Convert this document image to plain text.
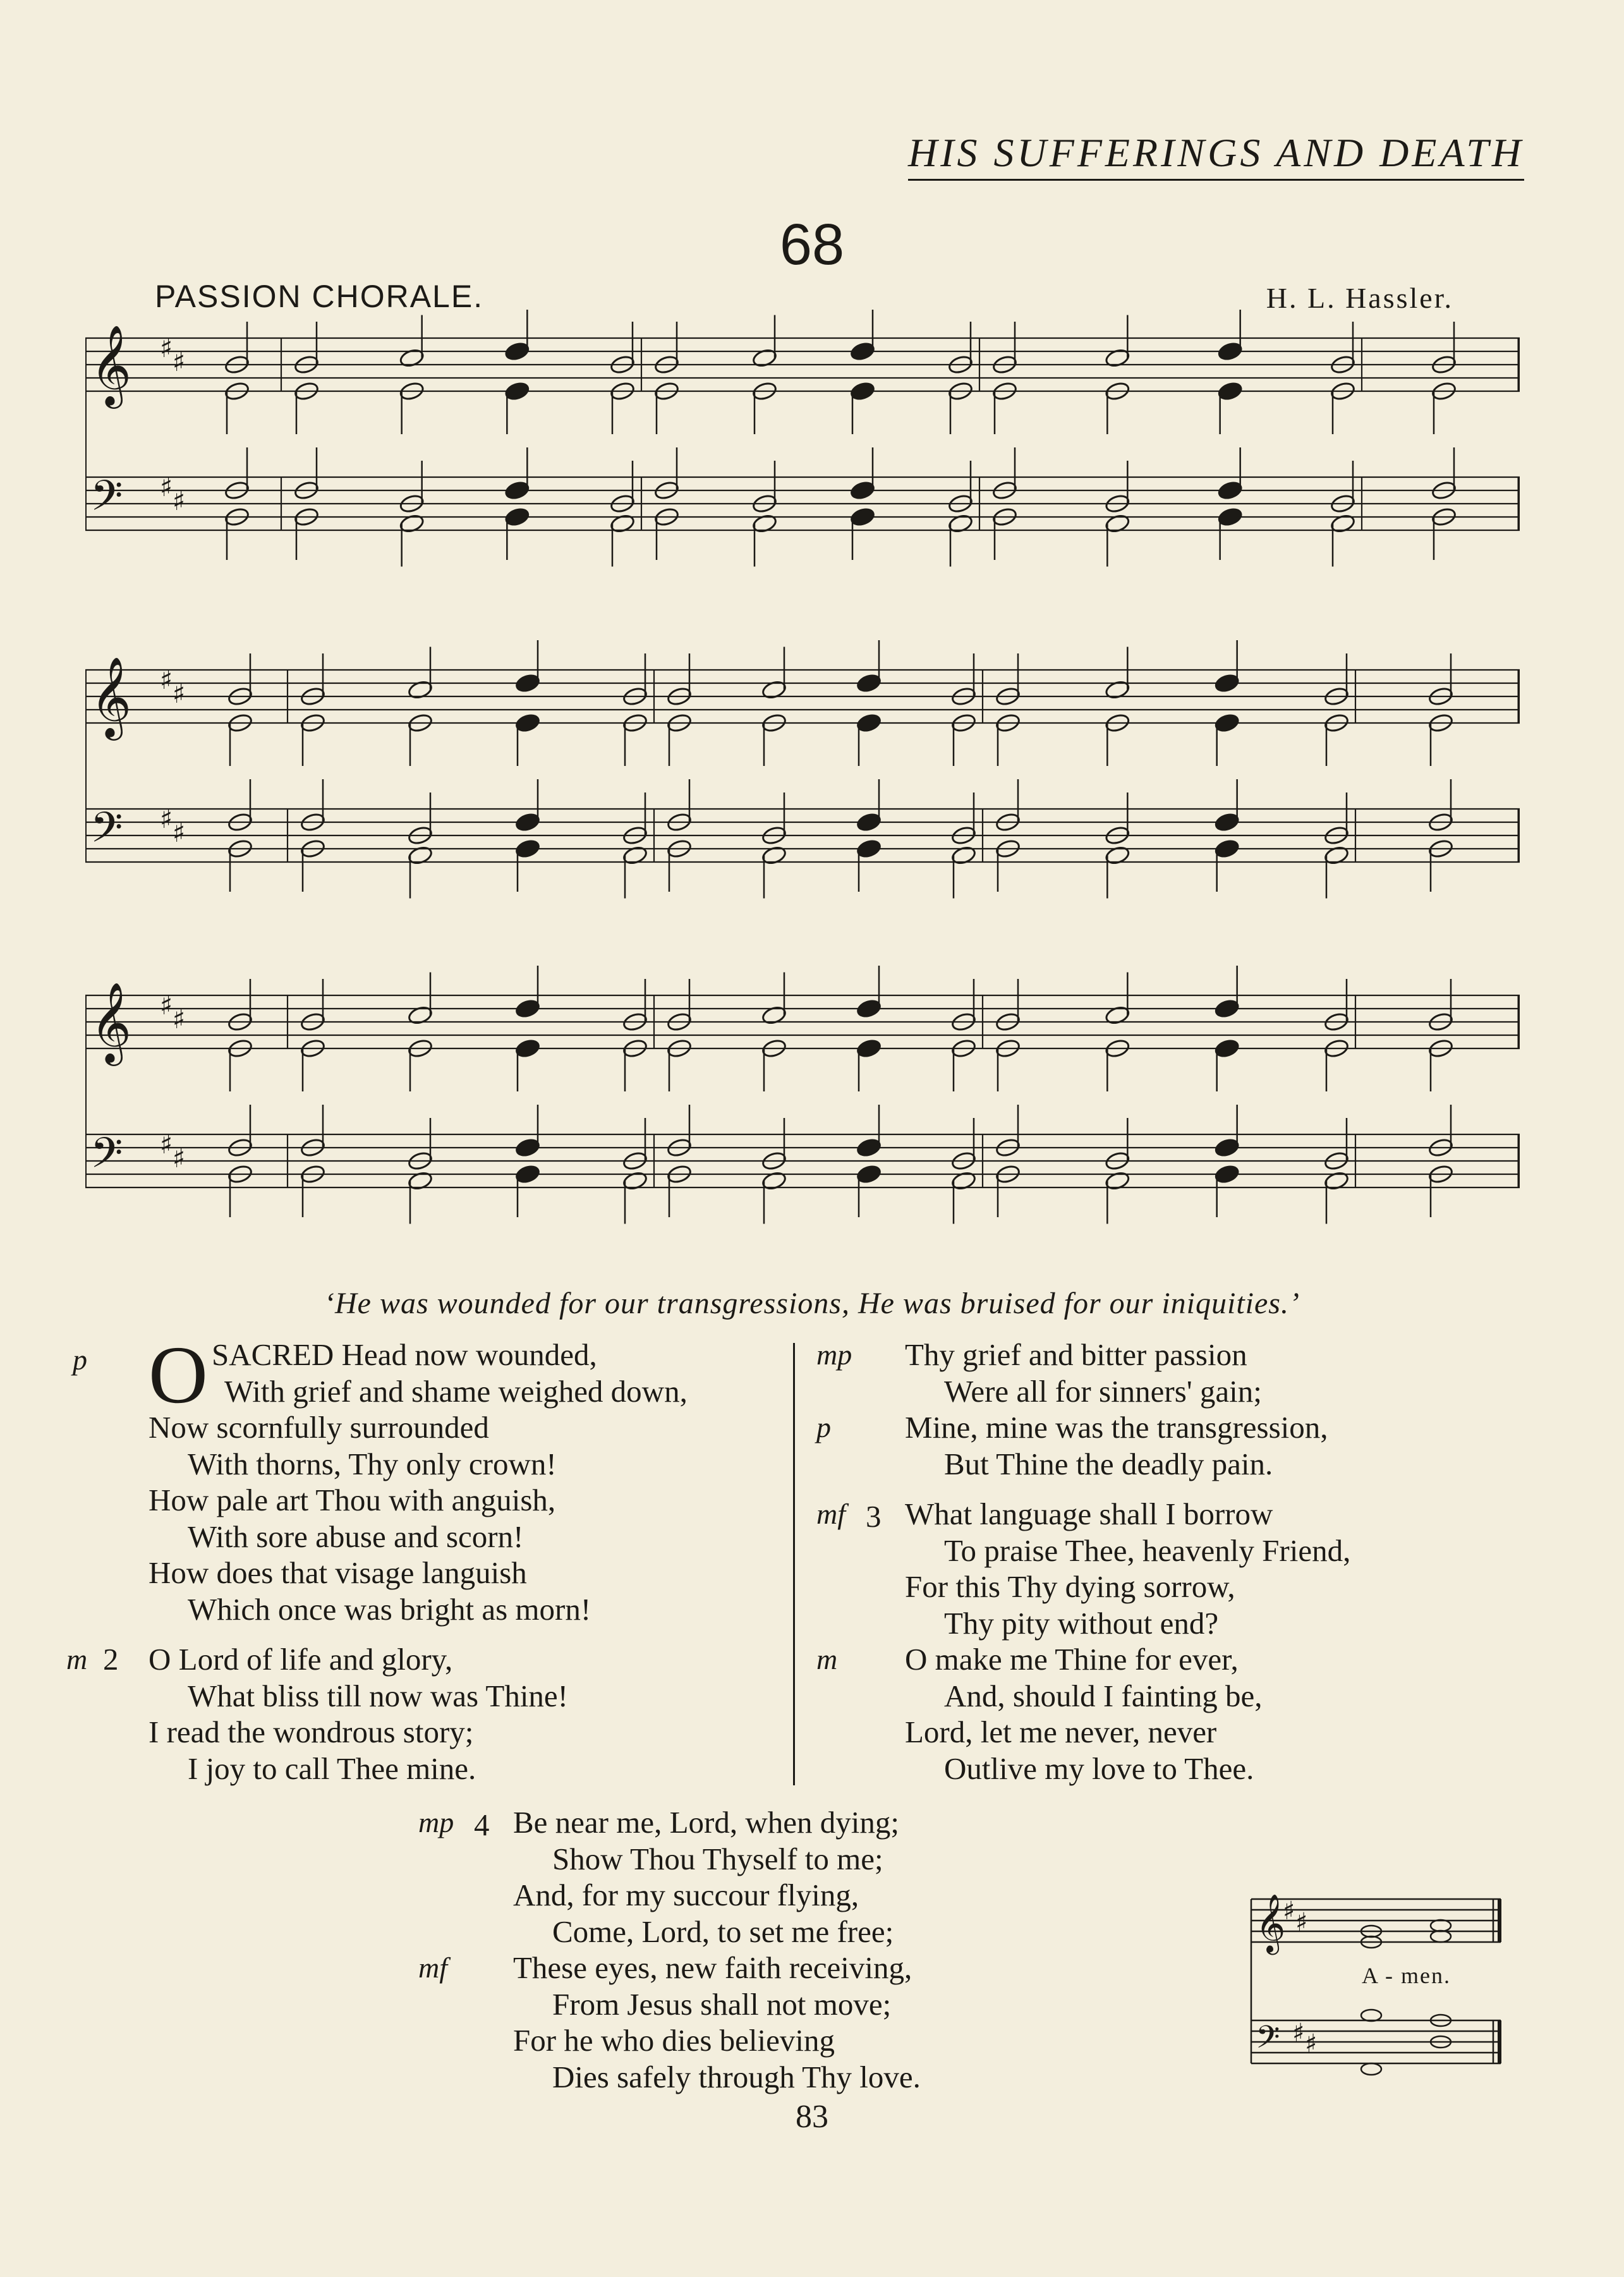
HIS SUFFERINGS AND DEATH
68
PASSION CHORALE.	H. L. Hassler.
𝄞 ♯ ♯
𝄢 ♯ ♯
𝄞 ♯ ♯
𝄢 ♯ ♯
𝄞 ♯ ♯
𝄢 ♯ ♯
‘He was wounded for our transgressions, He was bruised for our iniquities.’
p O SACRED Head now wounded,
With grief and shame weighed down,
Now scornfully surrounded
With thorns, Thy only crown!
How pale art Thou with anguish,
With sore abuse and scorn!
How does that visage languish
Which once was bright as morn!
m 2 O Lord of life and glory,
What bliss till now was Thine!
I read the wondrous story;
I joy to call Thee mine.
mp Thy grief and bitter passion
Were all for sinners' gain;
p Mine, mine was the transgression,
But Thine the deadly pain.
mf 3 What language shall I borrow
To praise Thee, heavenly Friend,
For this Thy dying sorrow,
Thy pity without end?
m O make me Thine for ever,
And, should I fainting be,
Lord, let me never, never
Outlive my love to Thee.
mp 4 Be near me, Lord, when dying;
Show Thou Thyself to me;
And, for my succour flying,
Come, Lord, to set me free;
mf These eyes, new faith receiving,
From Jesus shall not move;
For he who dies believing
Dies safely through Thy love.
𝄞
♯ ♯
𝄢 ♯ ♯
A - men.
83
